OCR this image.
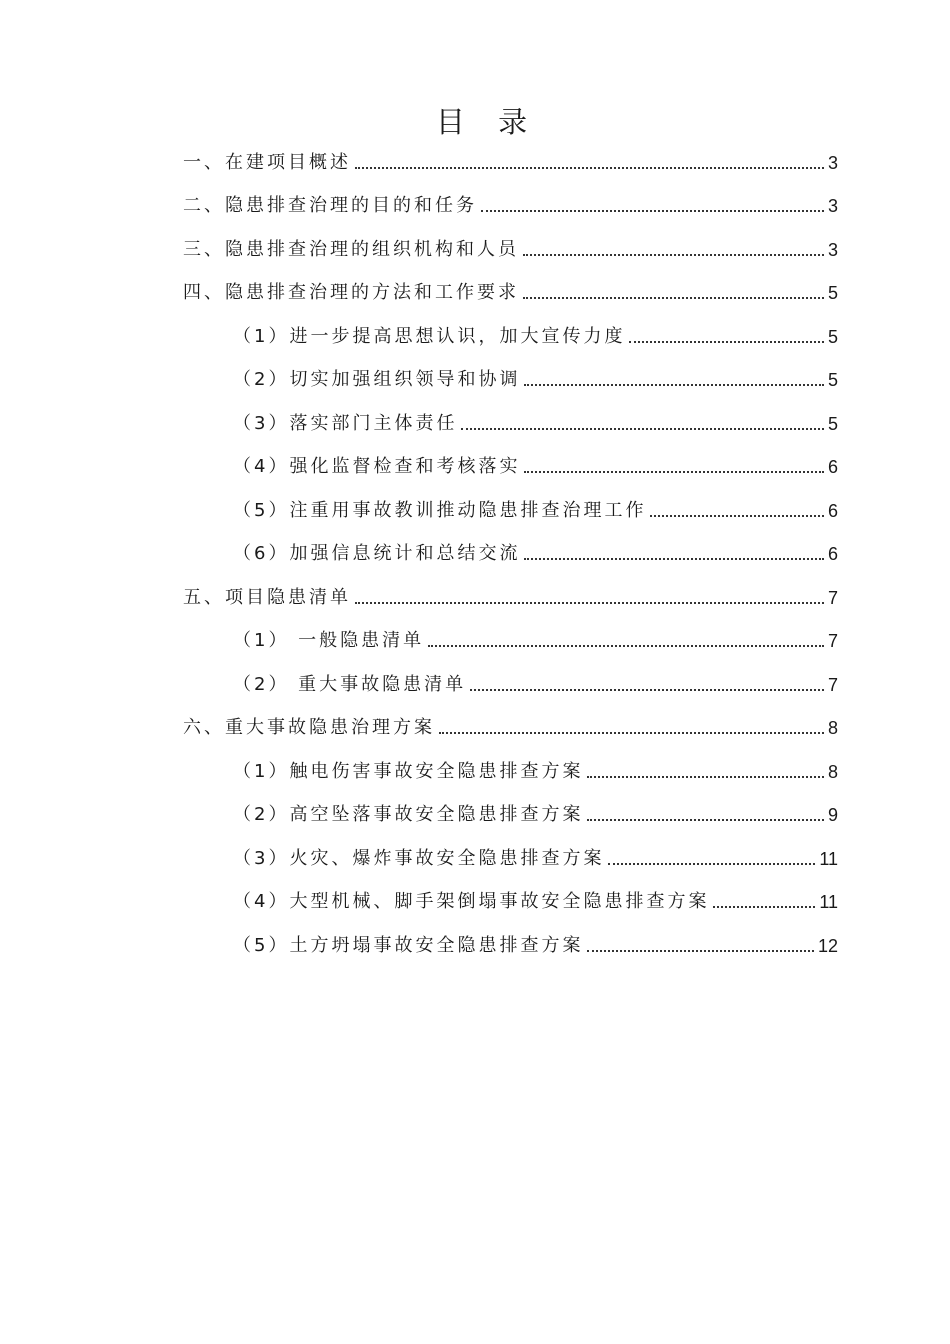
目 录
一、在建项目概述	3
二、隐患排查治理的目的和任务	3
三、隐患排查治理的组织机构和人员	3
四、隐患排查治理的方法和工作要求	5
（1）进一步提高思想认识，加大宣传力度	5
（2）切实加强组织领导和协调	5
（3）落实部门主体责任	5
（4）强化监督检查和考核落实	6
（5）注重用事故教训推动隐患排查治理工作	6
（6）加强信息统计和总结交流	6
五、项目隐患清单	7
（1） 一般隐患清单	7
（2） 重大事故隐患清单	7
六、重大事故隐患治理方案	8
（1）触电伤害事故安全隐患排查方案	8
（2）高空坠落事故安全隐患排查方案	9
（3）火灾、爆炸事故安全隐患排查方案	11
（4）大型机械、脚手架倒塌事故安全隐患排查方案	11
（5）土方坍塌事故安全隐患排查方案	12
